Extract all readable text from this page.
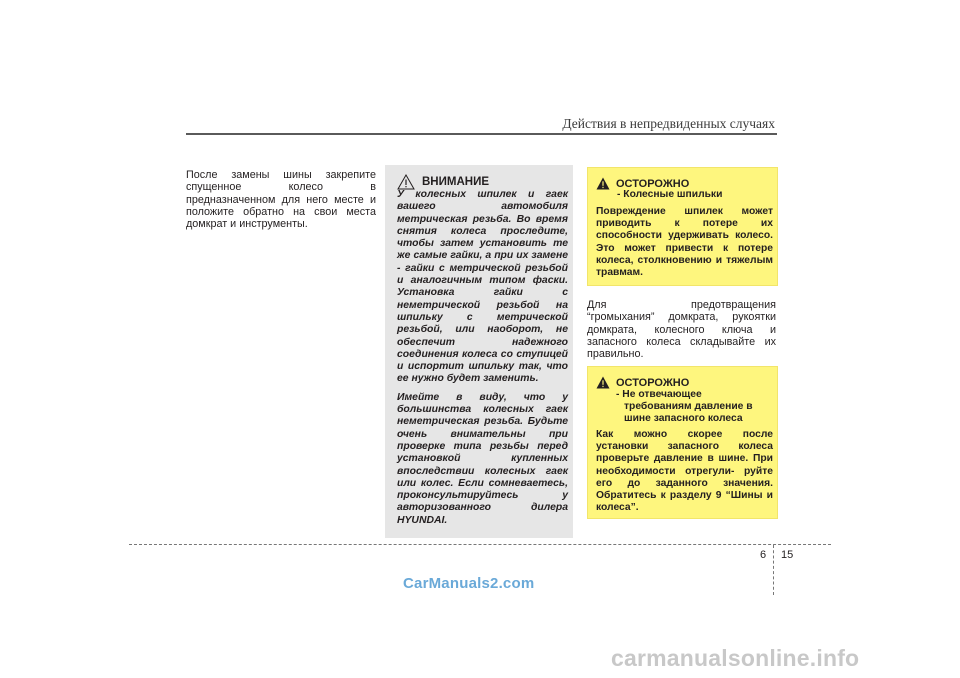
Действия в непредвиденных случаях
После замены шины закрепите
спущенное колесо в
предназначенном для него месте и
положите обратно на свои места
домкрат и инструменты.
ВНИМАНИЕ

У колесных шпилек и гаек вашего автомобиля метрическая резьба. Во время снятия колеса проследите, чтобы затем установить те же самые гайки, а при их замене - гайки с метрической резьбой и аналогичным типом фаски. Установка гайки с неметрической резьбой на шпильку с метрической резьбой, или наоборот, не обеспечит надежного соединения колеса со ступицей и испортит шпильку так, что ее нужно будет заменить.

Имейте в виду, что у большинства колесных гаек неметрическая резьба. Будьте очень внимательны при проверке типа резьбы перед установкой купленных впоследствии колесных гаек или колес. Если сомневаетесь, проконсультируйтесь у авторизованного дилера HYUNDAI.

ОСТОРОЖНО
- Колесные шпильки
Повреждение шпилек может приводить к потере их способности удерживать колесо. Это может привести к потере колеса, столкновению и тяжелым травмам.
Для предотвращения
“громыхания” домкрата, рукоятки
домкрата, колесного ключа и
запасного колеса складывайте их
правильно.
ОСТОРОЖНО
- Не отвечающее
требованиям давление в
шине запасного колеса
Как можно скорее после установки запасного колеса проверьте давление в шине. При необходимости отрегули- руйте его до заданного значения. Обратитесь к разделу 9 “Шины и колеса”.
6 15
CarManuals2.com
carmanualsonline.info
